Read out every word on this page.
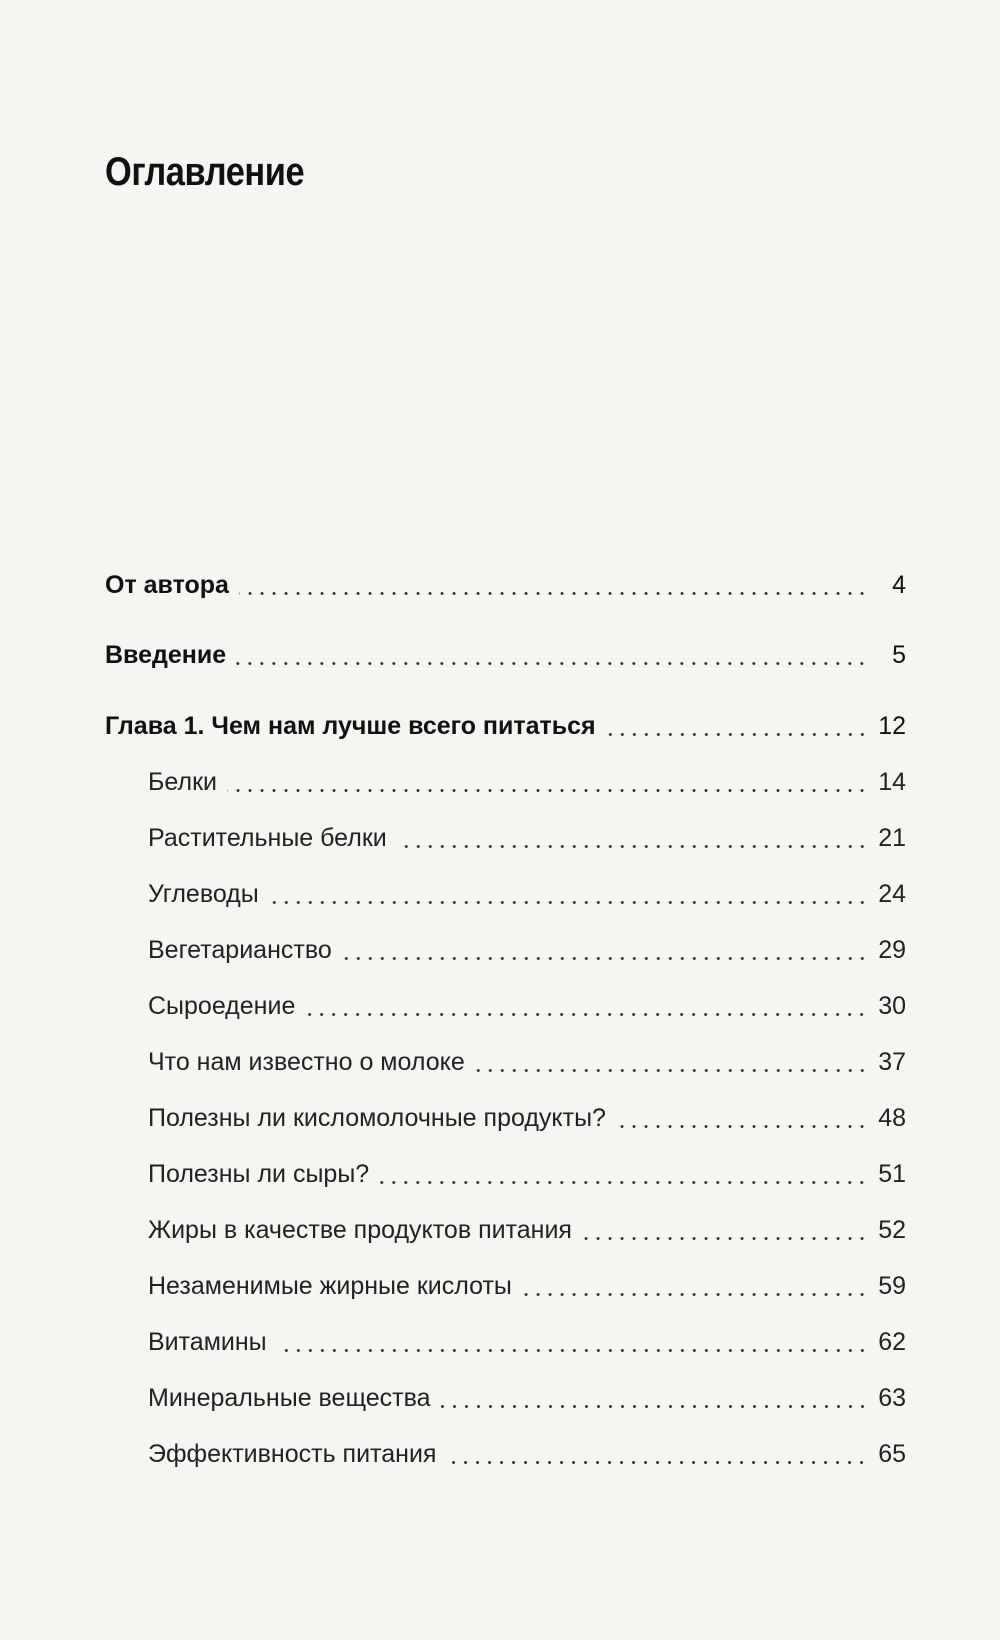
Оглавление
От автора	4
Введение	5
Глава 1. Чем нам лучше всего питаться	12
Белки	14
Растительные белки	21
Углеводы	24
Вегетарианство	29
Сыроедение	30
Что нам известно о молоке	37
Полезны ли кисломолочные продукты?	48
Полезны ли сыры?	51
Жиры в качестве продуктов питания	52
Незаменимые жирные кислоты	59
Витамины	62
Минеральные вещества	63
Эффективность питания	65
